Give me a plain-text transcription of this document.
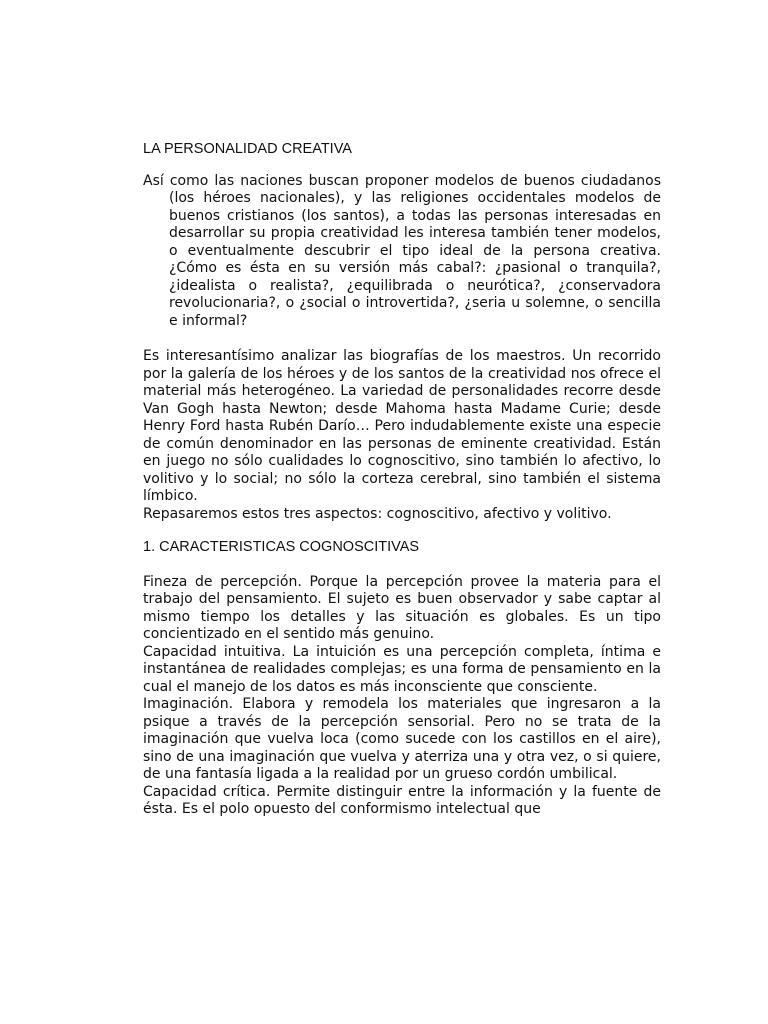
LA PERSONALIDAD CREATIVA

Así como las naciones buscan proponer modelos de buenos ciudadanos (los héroes nacionales), y las religiones occidentales modelos de buenos cristianos (los santos), a todas las personas interesadas en desarrollar su propia creatividad les interesa también tener modelos, o eventualmente descubrir el tipo ideal de la persona creativa. ¿Cómo es ésta en su versión más cabal?: ¿pasional o tranquila?, ¿idealista o realista?, ¿equilibrada o neurótica?, ¿conservadora revolucionaria?, o ¿social o introvertida?, ¿seria u solemne, o sencilla e informal?

Es interesantísimo analizar las biografías de los maestros. Un recorrido por la galería de los héroes y de los santos de la creatividad nos ofrece el material más heterogéneo. La variedad de personalidades recorre desde Van Gogh hasta Newton; desde Mahoma hasta Madame Curie; desde Henry Ford hasta Rubén Darío… Pero indudablemente existe una especie de común denominador en las personas de eminente creatividad. Están en juego no sólo cualidades lo cognoscitivo, sino también lo afectivo, lo volitivo y lo social; no sólo la corteza cerebral, sino también el sistema límbico.

Repasaremos estos tres aspectos: cognoscitivo, afectivo y volitivo.

1. CARACTERISTICAS COGNOSCITIVAS

Fineza de percepción. Porque la percepción provee la materia para el trabajo del pensamiento. El sujeto es buen observador y sabe captar al mismo tiempo los detalles y las situación es globales. Es un tipo concientizado en el sentido más genuino.

Capacidad intuitiva. La intuición es una percepción completa, íntima e instantánea de realidades complejas; es una forma de pensamiento en la cual el manejo de los datos es más inconsciente que consciente.

Imaginación. Elabora y remodela los materiales que ingresaron a la psique a través de la percepción sensorial. Pero no se trata de la imaginación que vuelva loca (como sucede con los castillos en el aire), sino de una imaginación que vuelva y aterriza una y otra vez, o si quiere, de una fantasía ligada a la realidad por un grueso cordón umbilical.

Capacidad crítica. Permite distinguir entre la información y la fuente de ésta. Es el polo opuesto del conformismo intelectual que
